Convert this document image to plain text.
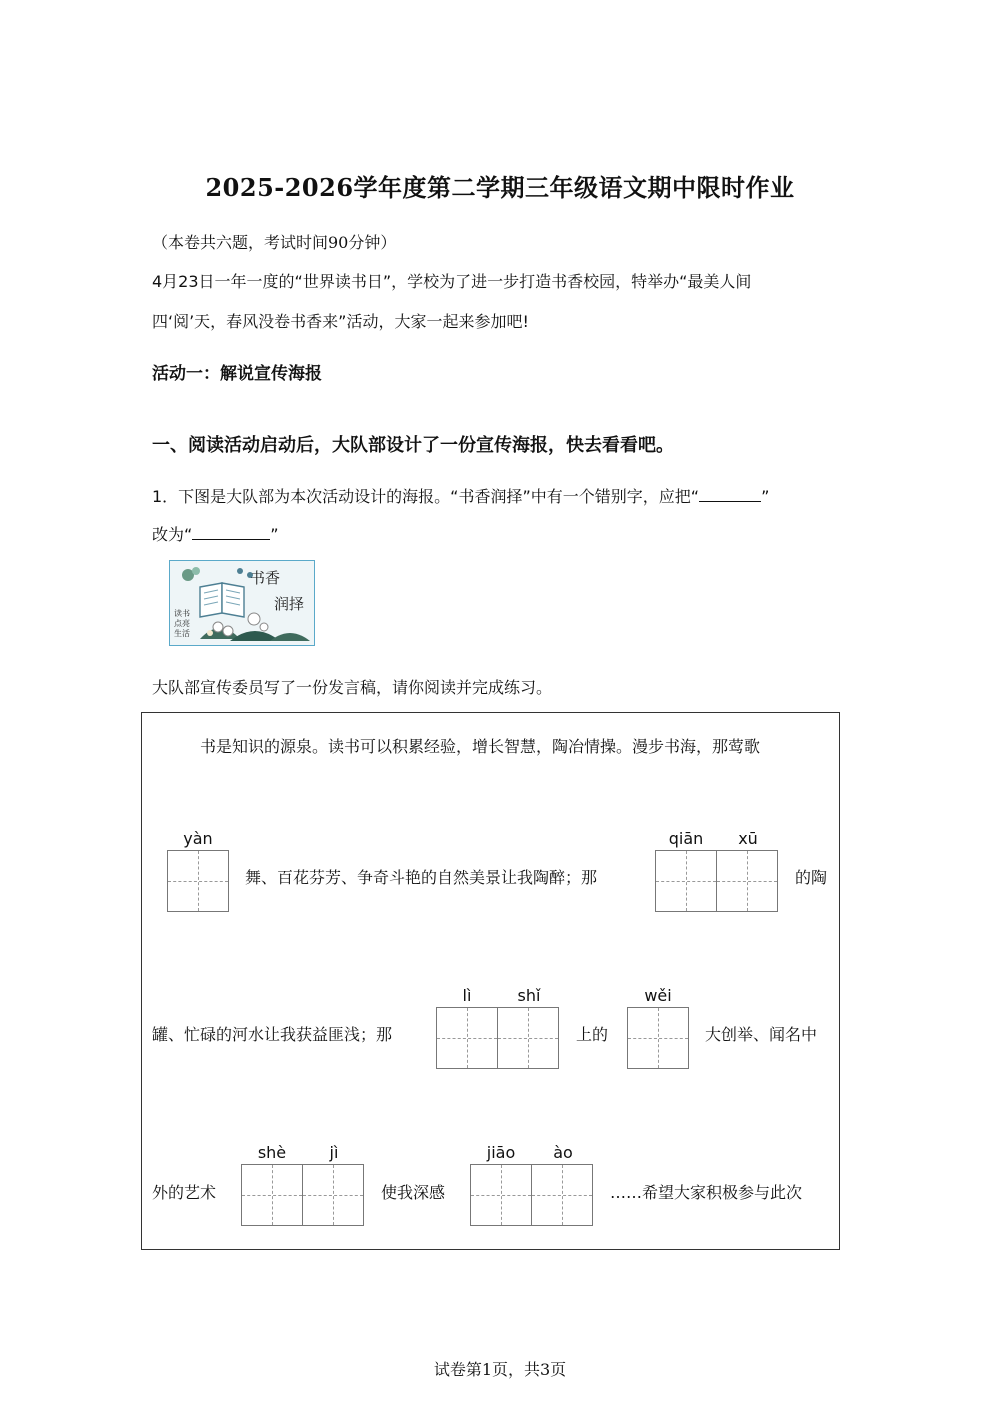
2025-2026学年度第二学期三年级语文期中限时作业
（本卷共六题，考试时间90分钟）
4月23日一年一度的“世界读书日”，学校为了进一步打造书香校园，特举办“最美人间
四‘阅’天，春风没卷书香来”活动，大家一起来参加吧!
活动一：解说宣传海报
一、阅读活动启动后，大队部设计了一份宣传海报，快去看看吧。
1．下图是大队部为本次活动设计的海报。“书香润择”中有一个错别字，应把“	”
改为“	”
书香
润择
读书
点亮
生活
大队部宣传委员写了一份发言稿，请你阅读并完成练习。
书是知识的源泉。读书可以积累经验，增长智慧，陶冶情操。漫步书海，那莺歌
yàn
舞、百花芬芳、争奇斗艳的自然美景让我陶醉；那
qiān	xū
的陶
罐、忙碌的河水让我获益匪浅；那
lì	shǐ
上的
wěi
大创举、闻名中
外的艺术
shè	jì
使我深感
jiāo	ào
……希望大家积极参与此次
试卷第1页，共3页
